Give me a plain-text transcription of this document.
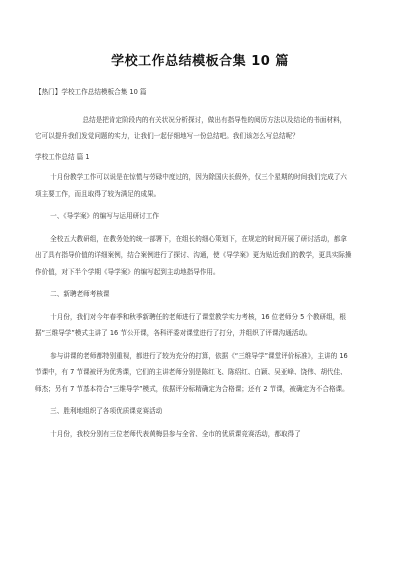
学校工作总结模板合集 10 篇

【热门】学校工作总结模板合集 10 篇

总结是把肯定阶段内的有关状况分析探讨，做出有指导性的阅历方法以及结论的书面材料，它可以提升我们发觉问题的实力，让我们一起仔细地写一份总结吧。我们该怎么写总结呢？

学校工作总结 篇 1

十月份教学工作可以说是在惊慌与劳碌中度过的，因为除国庆长假外，仅三个星期的时间我们完成了六项主要工作，而且取得了较为满足的成果。

一、《导学案》的编写与运用研讨工作

全校五大教研组，在教务处的统一部署下，在组长的细心策划下，在规定的时间开展了研讨活动，都拿出了具有指导价值的详细案例，结合案例进行了探讨、沟通，使《导学案》更为贴近我们的教学，更具实际操作价值，对下半个学期《导学案》的编写起到主动地指导作用。

二、新聘老师考核课

十月份，我们对今年春季和秋季新聘任的老师进行了课堂教学实力考核，16 位老师分 5 个教研组，根据“三维导学”模式主讲了 16 节公开课，各科评委对课堂进行了打分，并组织了评课沟通活动。

参与讲课的老师都特别重视，都进行了较为充分的打算，依据《“三维导学”课堂评价标准》，主讲的 16 节课中，有 7 节课被评为优秀课，它们的主讲老师分别是陈红飞、陈绍红、白颖、吴亚峰、饶伟、胡代佳、师杰；另有 7 节基本符合“三维导学”模式，依据评分标精确定为合格课；还有 2 节课，被确定为不合格课。

三、胜利地组织了各项优质课竞赛活动

十月份，我校分别有三位老师代表黄梅县参与全省、全市的优质课竞赛活动，都取得了
